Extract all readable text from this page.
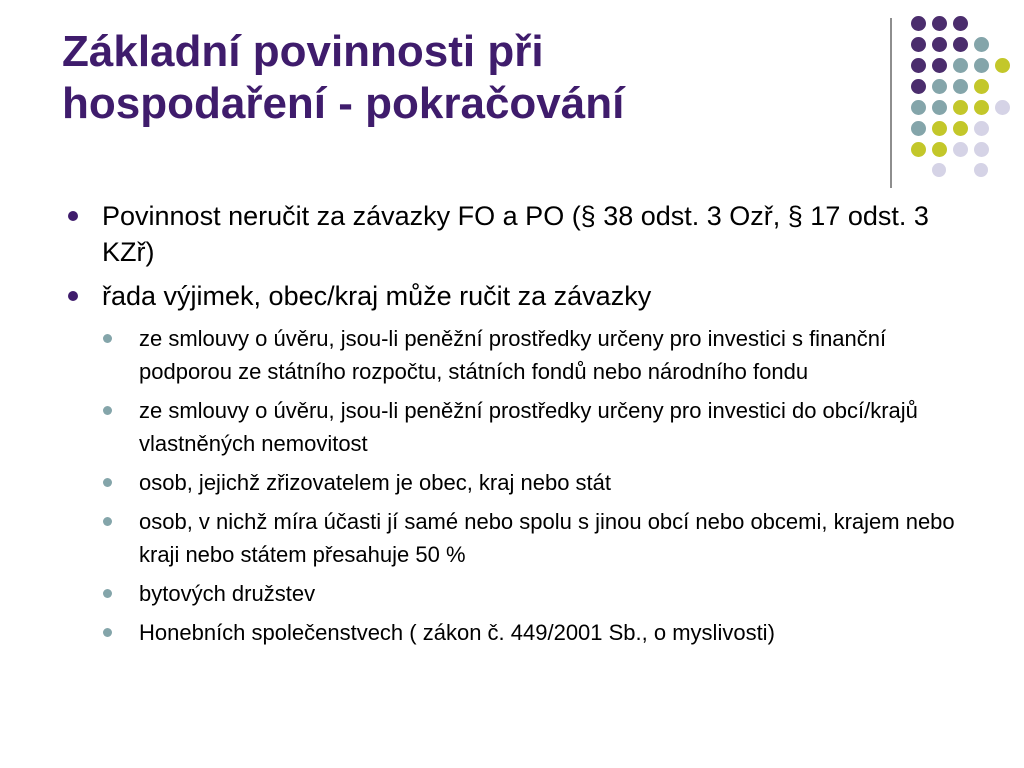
Základní povinnosti při
hospodaření - pokračování
Povinnost neručit za závazky FO a PO (§ 38 odst. 3 Ozř, § 17 odst. 3 KZř)
řada výjimek, obec/kraj může ručit za závazky
ze smlouvy o úvěru, jsou-li peněžní prostředky určeny pro investici s finanční podporou ze státního rozpočtu, státních fondů nebo národního fondu
ze smlouvy o úvěru, jsou-li peněžní prostředky určeny pro investici do obcí/krajů vlastněných nemovitost
osob, jejichž zřizovatelem je obec, kraj nebo stát
osob, v nichž míra účasti jí samé nebo spolu s jinou obcí nebo obcemi, krajem nebo kraji nebo státem přesahuje 50 %
bytových družstev
Honebních společenstvech ( zákon č. 449/2001 Sb., o myslivosti)
